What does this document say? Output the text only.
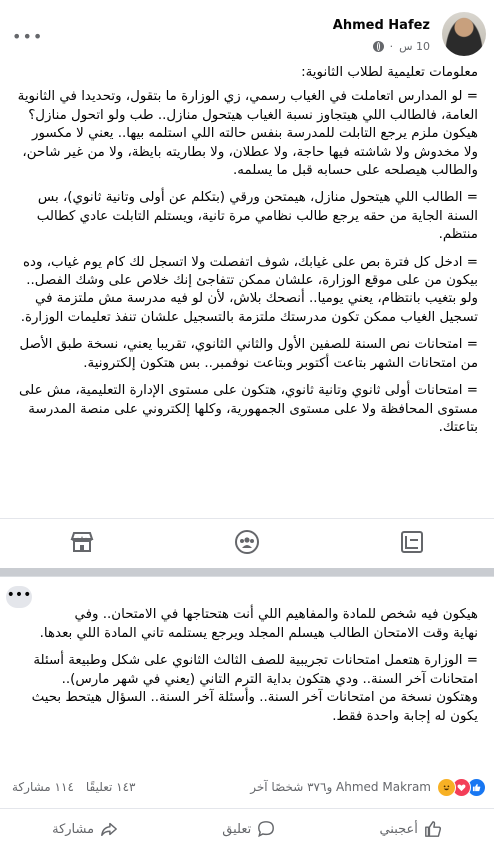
•••
Ahmed Hafez
10 س
·

معلومات تعليمية لطلاب الثانوية:

= لو المدارس اتعاملت في الغياب رسمي، زي الوزارة ما بتقول، وتحديدا في الثانوية العامة، فالطالب اللي هيتجاوز نسبة الغياب هيتحول منازل.. طب ولو اتحول منازل؟ هيكون ملزم يرجع التابلت للمدرسة بنفس حالته اللي استلمه بيها.. يعني لا مكسور ولا مخدوش ولا شاشته فيها حاجة، ولا عطلان، ولا بطاريته بايظة، ولا من غير شاحن، والطالب هيصلحه على حسابه قبل ما يسلمه.

= الطالب اللي هيتحول منازل، هيمتحن ورقي (بتكلم عن أولى وتانية ثانوي)، بس السنة الجاية من حقه يرجع طالب نظامي مرة تانية، ويستلم التابلت عادي كطالب منتظم.

= ادخل كل فترة بص على غيابك، شوف اتفصلت ولا اتسجل لك كام يوم غياب، وده بيكون من على موقع الوزارة، علشان ممكن تتفاجئ إنك خلاص على وشك الفصل.. ولو بتغيب بانتظام، يعني يوميا.. أنصحك بلاش، لأن لو فيه مدرسة مش ملتزمة في تسجيل الغياب ممكن تكون مدرستك ملتزمة بالتسجيل علشان تنفذ تعليمات الوزارة.

= امتحانات نص السنة للصفين الأول والثاني الثانوي، تقريبا يعني، نسخة طبق الأصل من امتحانات الشهر بتاعت أكتوبر وبتاعت نوفمبر.. بس هتكون إلكترونية.

= امتحانات أولى ثانوي وتانية ثانوي، هتكون على مستوى الإدارة التعليمية، مش على مستوى المحافظة ولا على مستوى الجمهورية، وكلها إلكتروني على منصة المدرسة بتاعتك.

•••

هيكون فيه شخص للمادة والمفاهيم اللي أنت هتحتاجها في الامتحان.. وفي

نهاية وقت الامتحان الطالب هيسلم المجلد ويرجع يستلمه تاني المادة اللي بعدها.

= الوزارة هتعمل امتحانات تجريبية للصف الثالث الثانوي على شكل وطبيعة أسئلة امتحانات آخر السنة.. ودي هتكون بداية الترم التاني (يعني في شهر مارس).. وهتكون نسخة من امتحانات آخر السنة.. وأسئلة آخر السنة.. السؤال هيتحط بحيث يكون له إجابة واحدة فقط.

Ahmed Makram و٣٧٦ شخصًا آخر
١٤٣ تعليقًا
١١٤ مشاركة
أعجبني
تعليق
مشاركة
